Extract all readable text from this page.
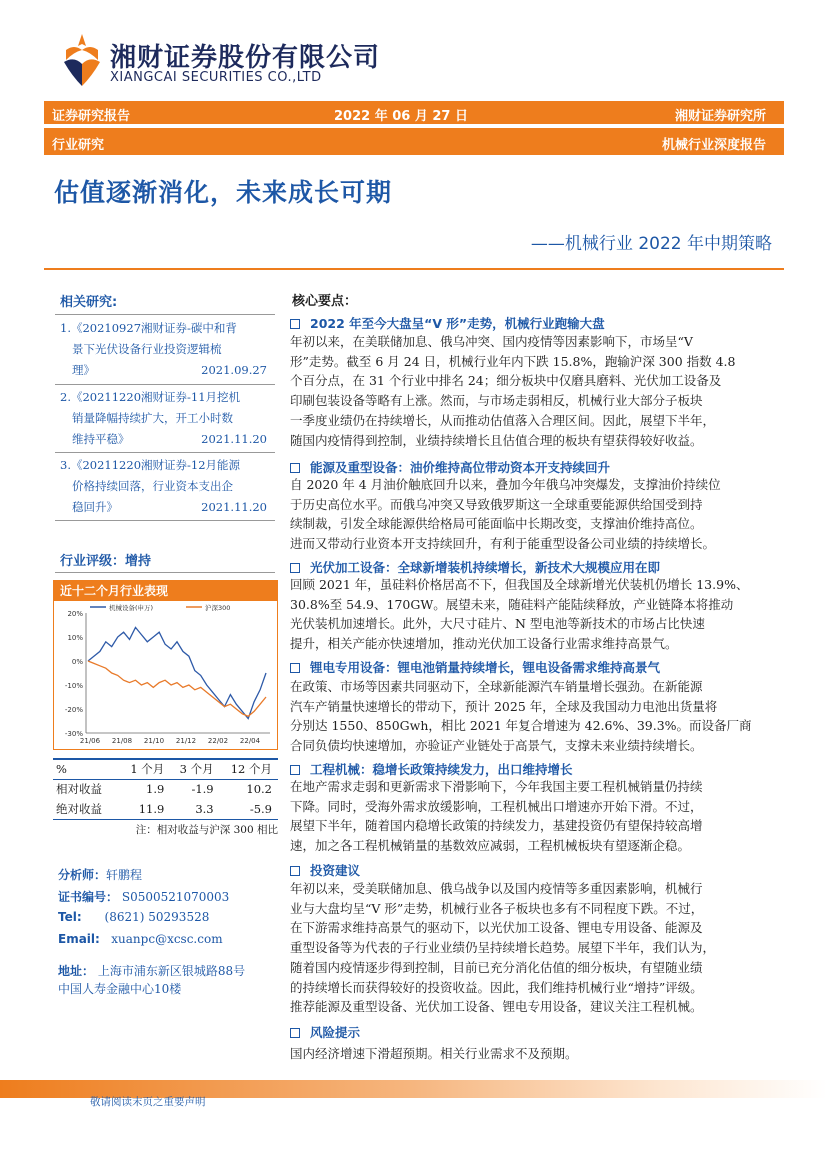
湘财证券股份有限公司
XIANGCAI SECURITIES CO.,LTD
证券研究报告	2022 年 06 月 27 日	湘财证券研究所
行业研究	机械行业深度报告
估值逐渐消化，未来成长可期
——机械行业 2022 年中期策略
相关研究:
1.《20210927湘财证券-碳中和背
景下光伏设备行业投资逻辑梳
理》	2021.09.27
2.《20211220湘财证券-11月挖机
销量降幅持续扩大，开工小时数
维持平稳》	2021.11.20
3.《20211220湘财证券-12月能源
价格持续回落，行业资本支出企
稳回升》	2021.11.20
行业评级：增持
近十二个月行业表现
20%
10%
0%
-10%
-20%
-30%
21/06 21/08 21/10 21/12 22/02 22/04
机械设备(申万)	沪深300
%	1 个月	3 个月	12 个月
相对收益	1.9	-1.9	10.2
绝对收益	11.9	3.3	-5.9
注：相对收益与沪深 300 相比
分析师：轩鹏程
证书编号： S0500521070003
Tel: (8621) 50293528
Email: xuanpc@xcsc.com
地址： 上海市浦东新区银城路88号
中国人寿金融中心10楼
核心要点：
2022 年至今大盘呈“V 形”走势，机械行业跑输大盘
年初以来，在美联储加息、俄乌冲突、国内疫情等因素影响下，市场呈“V
形”走势。截至 6 月 24 日，机械行业年内下跌 15.8%，跑输沪深 300 指数 4.8
个百分点，在 31 个行业中排名 24；细分板块中仅磨具磨料、光伏加工设备及
印刷包装设备等略有上涨。然而，与市场走弱相反，机械行业大部分子板块
一季度业绩仍在持续增长，从而推动估值落入合理区间。因此，展望下半年，
随国内疫情得到控制，业绩持续增长且估值合理的板块有望获得较好收益。
能源及重型设备：油价维持高位带动资本开支持续回升
自 2020 年 4 月油价触底回升以来，叠加今年俄乌冲突爆发，支撑油价持续位
于历史高位水平。而俄乌冲突又导致俄罗斯这一全球重要能源供给国受到持
续制裁，引发全球能源供给格局可能面临中长期改变，支撑油价维持高位。
进而又带动行业资本开支持续回升，有利于能重型设备公司业绩的持续增长。
光伏加工设备：全球新增装机持续增长，新技术大规模应用在即
回顾 2021 年，虽硅料价格居高不下，但我国及全球新增光伏装机仍增长 13.9%、
30.8%至 54.9、170GW。展望未来，随硅料产能陆续释放，产业链降本将推动
光伏装机加速增长。此外，大尺寸硅片、N 型电池等新技术的市场占比快速
提升，相关产能亦快速增加，推动光伏加工设备行业需求维持高景气。
锂电专用设备：锂电池销量持续增长，锂电设备需求维持高景气
在政策、市场等因素共同驱动下，全球新能源汽车销量增长强劲。在新能源
汽车产销量快速增长的带动下，预计 2025 年，全球及我国动力电池出货量将
分别达 1550、850Gwh，相比 2021 年复合增速为 42.6%、39.3%。而设备厂商
合同负债均快速增加，亦验证产业链处于高景气，支撑未来业绩持续增长。
工程机械：稳增长政策持续发力，出口维持增长
在地产需求走弱和更新需求下滑影响下，今年我国主要工程机械销量仍持续
下降。同时，受海外需求放缓影响，工程机械出口增速亦开始下滑。不过，
展望下半年，随着国内稳增长政策的持续发力，基建投资仍有望保持较高增
速，加之各工程机械销量的基数效应减弱，工程机械板块有望逐渐企稳。
投资建议
年初以来，受美联储加息、俄乌战争以及国内疫情等多重因素影响，机械行
业与大盘均呈“V 形”走势，机械行业各子板块也多有不同程度下跌。不过，
在下游需求维持高景气的驱动下，以光伏加工设备、锂电专用设备、能源及
重型设备等为代表的子行业业绩仍呈持续增长趋势。展望下半年，我们认为，
随着国内疫情逐步得到控制，目前已充分消化估值的细分板块，有望随业绩
的持续增长而获得较好的投资收益。因此，我们维持机械行业“增持”评级。
推荐能源及重型设备、光伏加工设备、锂电专用设备，建议关注工程机械。
风险提示
国内经济增速下滑超预期。相关行业需求不及预期。
敬请阅读末页之重要声明
